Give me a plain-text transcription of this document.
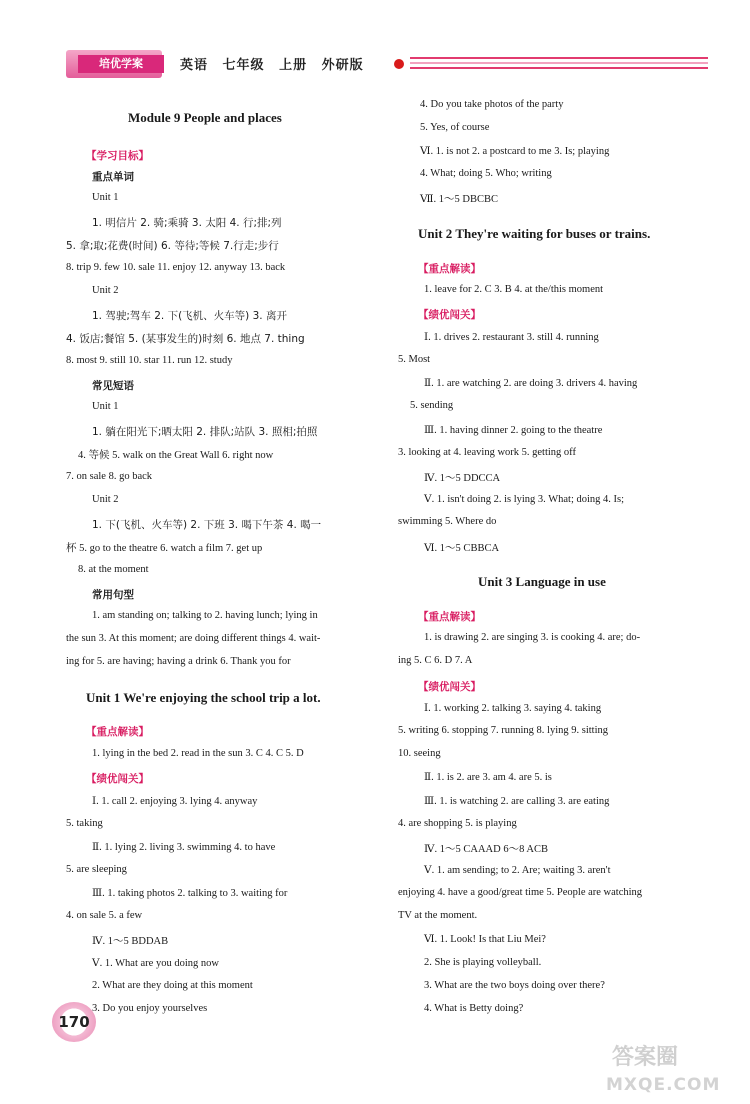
培优学案	英语 七年级 上册 外研版
Module 9 People and places
【学习目标】
重点单词
Unit 1
1. 明信片 2. 骑;乘骑 3. 太阳 4. 行;排;列
5. 拿;取;花费(时间) 6. 等待;等候 7.行走;步行
8. trip 9. few 10. sale 11. enjoy 12. anyway 13. back
Unit 2
1. 驾驶;驾车 2. 下(飞机、火车等) 3. 离开
4. 饭店;餐馆 5. (某事发生的)时刻 6. 地点 7. thing
8. most 9. still 10. star 11. run 12. study
常见短语
Unit 1
1. 躺在阳光下;晒太阳 2. 排队;站队 3. 照相;拍照
4. 等候 5. walk on the Great Wall 6. right now
7. on sale 8. go back
Unit 2
1. 下(飞机、火车等) 2. 下班 3. 喝下午茶 4. 喝一
杯 5. go to the theatre 6. watch a film 7. get up
8. at the moment
常用句型
1. am standing on; talking to 2. having lunch; lying in
the sun 3. At this moment; are doing different things 4. wait-
ing for 5. are having; having a drink 6. Thank you for
Unit 1 We're enjoying the school trip a lot.
【重点解读】
1. lying in the bed 2. read in the sun 3. C 4. C 5. D
【绩优闯关】
Ⅰ. 1. call 2. enjoying 3. lying 4. anyway
5. taking
Ⅱ. 1. lying 2. living 3. swimming 4. to have
5. are sleeping
Ⅲ. 1. taking photos 2. talking to 3. waiting for
4. on sale 5. a few
Ⅳ. 1～5 BDDAB
Ⅴ. 1. What are you doing now
2. What are they doing at this moment
3. Do you enjoy yourselves
4. Do you take photos of the party
5. Yes, of course
Ⅵ. 1. is not 2. a postcard to me 3. Is; playing
4. What; doing 5. Who; writing
Ⅶ. 1～5 DBCBC
Unit 2 They're waiting for buses or trains.
【重点解读】
1. leave for 2. C 3. B 4. at the/this moment
【绩优闯关】
Ⅰ. 1. drives 2. restaurant 3. still 4. running
5. Most
Ⅱ. 1. are watching 2. are doing 3. drivers 4. having
5. sending
Ⅲ. 1. having dinner 2. going to the theatre
3. looking at 4. leaving work 5. getting off
Ⅳ. 1～5 DDCCA
Ⅴ. 1. isn't doing 2. is lying 3. What; doing 4. Is;
swimming 5. Where do
Ⅵ. 1～5 CBBCA
Unit 3 Language in use
【重点解读】
1. is drawing 2. are singing 3. is cooking 4. are; do-
ing 5. C 6. D 7. A
【绩优闯关】
Ⅰ. 1. working 2. talking 3. saying 4. taking
5. writing 6. stopping 7. running 8. lying 9. sitting
10. seeing
Ⅱ. 1. is 2. are 3. am 4. are 5. is
Ⅲ. 1. is watching 2. are calling 3. are eating
4. are shopping 5. is playing
Ⅳ. 1～5 CAAAD 6～8 ACB
Ⅴ. 1. am sending; to 2. Are; waiting 3. aren't
enjoying 4. have a good/great time 5. People are watching
TV at the moment.
Ⅵ. 1. Look! Is that Liu Mei?
2. She is playing volleyball.
3. What are the two boys doing over there?
4. What is Betty doing?
170
答案圈
MXQE.COM
